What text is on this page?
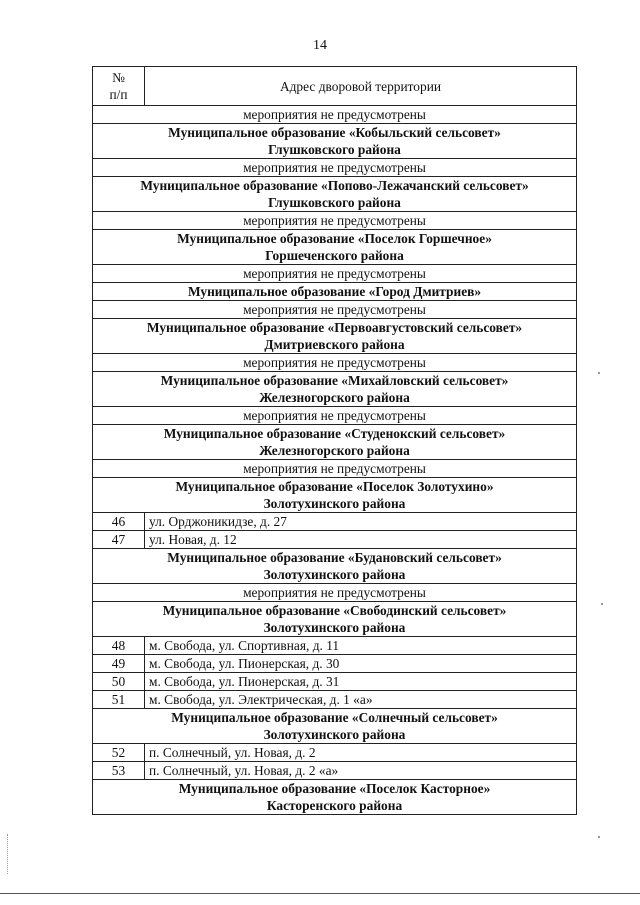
14
№
п/п	Адрес дворовой территории
мероприятия не предусмотрены	
Муниципальное образование «Кобыльский сельсовет»
Глушковского района	
мероприятия не предусмотрены	
Муниципальное образование «Попово-Лежачанский сельсовет»
Глушковского района	
мероприятия не предусмотрены	
Муниципальное образование «Поселок Горшечное»
Горшеченского района	
мероприятия не предусмотрены	
Муниципальное образование «Город Дмитриев»	
мероприятия не предусмотрены	
Муниципальное образование «Первоавгустовский сельсовет»
Дмитриевского района	
мероприятия не предусмотрены	
Муниципальное образование «Михайловский сельсовет»
Железногорского района	
мероприятия не предусмотрены	
Муниципальное образование «Студенокский сельсовет»
Железногорского района	
мероприятия не предусмотрены	
Муниципальное образование «Поселок Золотухино»
Золотухинского района	
46	ул. Орджоникидзе, д. 27
47	ул. Новая, д. 12
Муниципальное образование «Будановский сельсовет»
Золотухинского района	
мероприятия не предусмотрены	
Муниципальное образование «Свободинский сельсовет»
Золотухинского района	
48	м. Свобода, ул. Спортивная, д. 11
49	м. Свобода, ул. Пионерская, д. 30
50	м. Свобода, ул. Пионерская, д. 31
51	м. Свобода, ул. Электрическая, д. 1 «а»
Муниципальное образование «Солнечный сельсовет»
Золотухинского района	
52	п. Солнечный, ул. Новая, д. 2
53	п. Солнечный, ул. Новая, д. 2 «а»
Муниципальное образование «Поселок Касторное»
Касторенского района	
